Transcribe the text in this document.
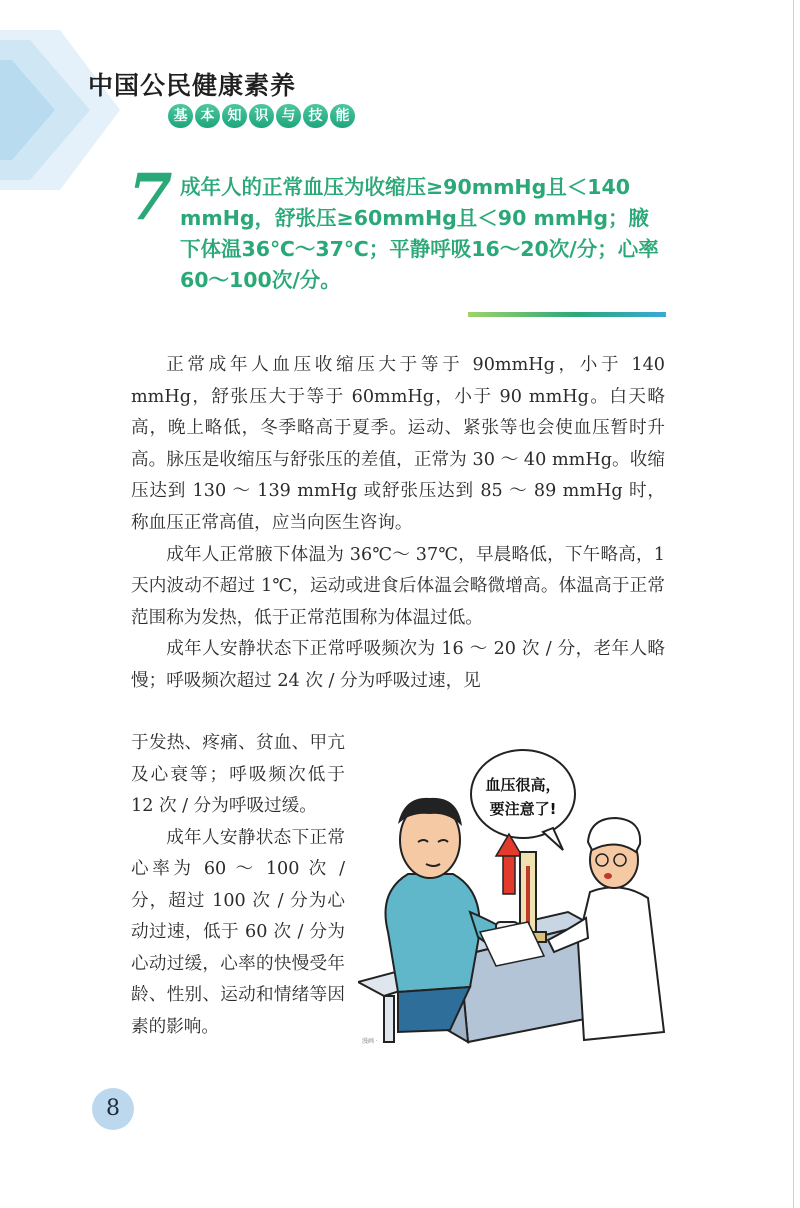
中国公民健康素养
基 本 知 识 与 技 能
7 成年人的正常血压为收缩压≥90mmHg且＜140 mmHg，舒张压≥60mmHg且＜90 mmHg；腋下体温36℃～37℃；平静呼吸16～20次/分；心率60～100次/分。

正常成年人血压收缩压大于等于 90mmHg，小于 140 mmHg，舒张压大于等于 60mmHg，小于 90 mmHg。白天略高，晚上略低，冬季略高于夏季。运动、紧张等也会使血压暂时升高。脉压是收缩压与舒张压的差值，正常为 30 ～ 40 mmHg。收缩压达到 130 ～ 139 mmHg 或舒张压达到 85 ～ 89 mmHg 时，称血压正常高值，应当向医生咨询。

成年人正常腋下体温为 36℃～ 37℃，早晨略低，下午略高，1 天内波动不超过 1℃，运动或进食后体温会略微增高。体温高于正常范围称为发热，低于正常范围称为体温过低。

成年人安静状态下正常呼吸频次为 16 ～ 20 次 / 分，老年人略慢；呼吸频次超过 24 次 / 分为呼吸过速，见

于发热、疼痛、贫血、甲亢及心衰等；呼吸频次低于 12 次 / 分为呼吸过缓。

成年人安静状态下正常心率为 60 ～ 100 次 / 分，超过 100 次 / 分为心动过速，低于 60 次 / 分为心动过缓，心率的快慢受年龄、性别、运动和情绪等因素的影响。

血压很高，
要注意了!
漫画 ·
8
